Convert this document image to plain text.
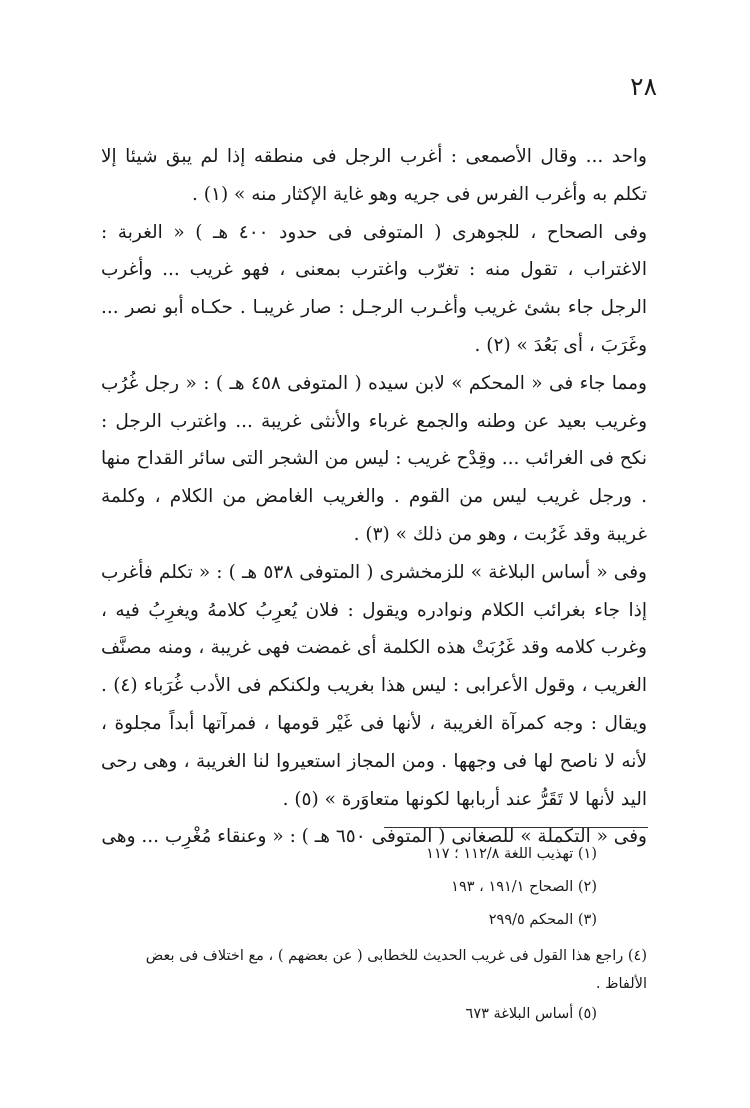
٢٨

واحد ... وقال الأصمعى : أغرب الرجل فى منطقه إذا لم يبق شيئا إلا تكلم به وأغرب الفرس فى جريه وهو غاية الإكثار منه » (١) .

وفى الصحاح ، للجوهرى ( المتوفى فى حدود ٤٠٠ هـ ) « الغربة : الاغتراب ، تقول منه : تغرّب واغترب بمعنى ، فهو غريب ... وأغرب الرجل جاء بشئ غريب وأغـرب الرجـل : صار غريبـا . حكـاه أبو نصر ... وغَرَبَ ، أى بَعُدَ » (٢) .

ومما جاء فى « المحكم » لابن سيده ( المتوفى ٤٥٨ هـ ) : « رجل غُرُب وغريب بعيد عن وطنه والجمع غرباء والأنثى غريبة ... واغترب الرجل : نكح فى الغرائب ... وقِدْح غريب : ليس من الشجر التى سائر القداح منها . ورجل غريب ليس من القوم . والغريب الغامض من الكلام ، وكلمة غريبة وقد غَرُبت ، وهو من ذلك » (٣) .

وفى « أساس البلاغة » للزمخشرى ( المتوفى ٥٣٨ هـ ) : « تكلم فأغرب إذا جاء بغرائب الكلام ونوادره ويقول : فلان يُعرِبُ كلامهُ ويغرِبُ فيه ، وغرب كلامه وقد غَرُبَتْ هذه الكلمة أى غمضت فهى غريبة ، ومنه مصنَّف الغريب ، وقول الأعرابى : ليس هذا بغريب ولكنكم فى الأدب غُرَباء (٤) . ويقال : وجه كمرآة الغريبة ، لأنها فى غَيْر قومها ، فمرآتها أبداً مجلوة ، لأنه لا ناصح لها فى وجهها . ومن المجاز استعيروا لنا الغريبة ، وهى رحى اليد لأنها لا تَقَرُّ عند أربابها لكونها متعاوَرة » (٥) .

وفى « التكملة » للصغانى ( المتوفى ٦٥٠ هـ ) : « وعنقاء مُغْرِب ... وهى

(١) تهذيب اللغة ١١٢/٨ ؛ ١١٧

(٢) الصحاح ١٩١/١ ، ١٩٣

(٣) المحكم ٢٩٩/٥

(٤) راجع هذا القول فى غريب الحديث للخطابى ( عن بعضهم ) ، مع اختلاف فى بعض الألفاظ .

(٥) أساس البلاغة ٦٧٣
